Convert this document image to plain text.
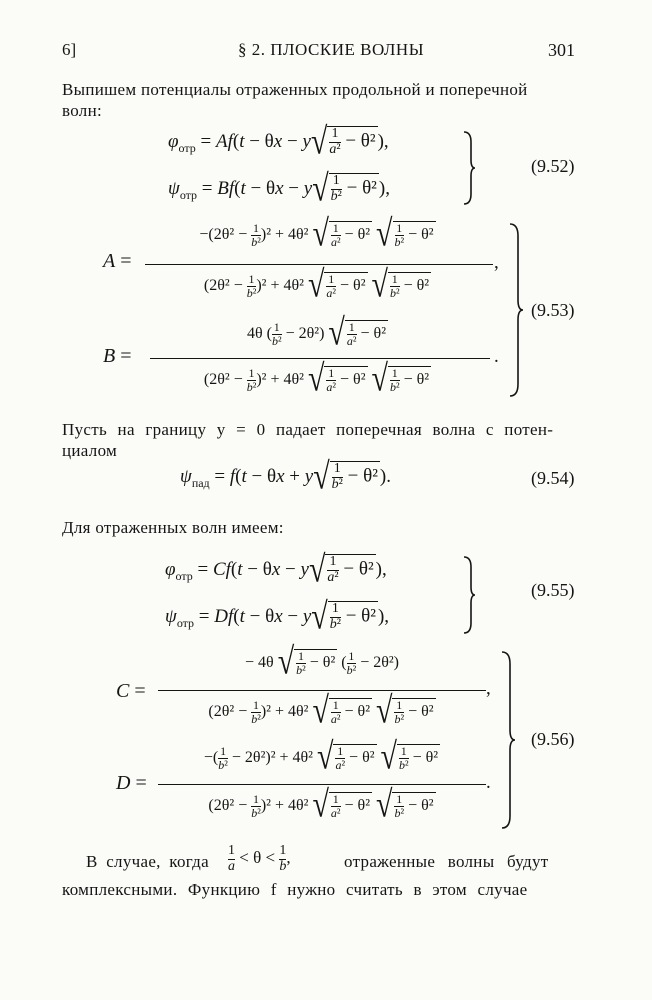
6]	§ 2. ПЛОСКИЕ ВОЛНЫ	301
Выпишем потенциалы отраженных продольной и поперечной
волн:
$\varphi_{отр} = Af(t - \theta x - y√ \frac{1}{\text{a²}} - \theta^2$ ),
$\psi_{отр} = Bf(t - \theta x - y√ \frac{1}{\text{b²}} - \theta^2$ ),
(9.52)
A =
$-(2\theta^2 - \frac{1}{\text{b²}} )^2 + 4\theta^2$ √ $\frac{1}{\text{a²}} - \theta^2$ √ $\frac{1}{\text{b²}} - \theta^2$
,
$(2\theta^2 - \frac{1}{\text{b²}} )^2 + 4\theta^2$ √ $\frac{1}{\text{a²}} - \theta^2$ √ $\frac{1}{\text{b²}} - \theta^2$
B =
4θ ( $\frac{1}{\text{b²}} - 2\theta^2$) √ $\frac{1}{\text{a²}} - \theta^2$
.
$(2\theta^2 - \frac{1}{\text{b²}} )^2 + 4\theta^2$ √ $\frac{1}{\text{a²}} - \theta^2$ √ $\frac{1}{\text{b²}} - \theta^2$
(9.53)
Пусть на границу y = 0 падает поперечная волна с потен-
циалом
$\psi_{пад} = f(t - \theta x + y√ \frac{1}{\text{b²}} - \theta^2$ ).	(9.54)
Для отраженных волн имеем:
$\varphi_{отр} = Cf(t - \theta x - y√ \frac{1}{\text{a²}} - \theta^2$ ),
$\psi_{отр} = Df(t - \theta x - y√ \frac{1}{\text{b²}} - \theta^2$ ),
(9.55)
C =
− 4θ √ $\frac{1}{\text{b²}} - \theta^2$ ( $\frac{1}{\text{b²}} - 2\theta^2$)
,
$(2\theta^2 - \frac{1}{\text{b²}} )^2 + 4\theta^2$ √ $\frac{1}{\text{a²}} - \theta^2$ √ $\frac{1}{\text{b²}} - \theta^2$
D =
−( $\frac{1}{\text{b²}} - 2\theta^2)^2 + 4\theta^2$ √ $\frac{1}{\text{a²}} - \theta^2$ √ $\frac{1}{\text{b²}} - \theta^2$
.
$(2\theta^2 - \frac{1}{\text{b²}} )^2 + 4\theta^2$ √ $\frac{1}{\text{a²}} - \theta^2$ √ $\frac{1}{\text{b²}} - \theta^2$
(9.56)
В случае, когда $\frac{1}{a} < \theta < \frac{1}{b}$ ,	отраженные волны будут
комплексными. Функцию f нужно считать в этом случае
